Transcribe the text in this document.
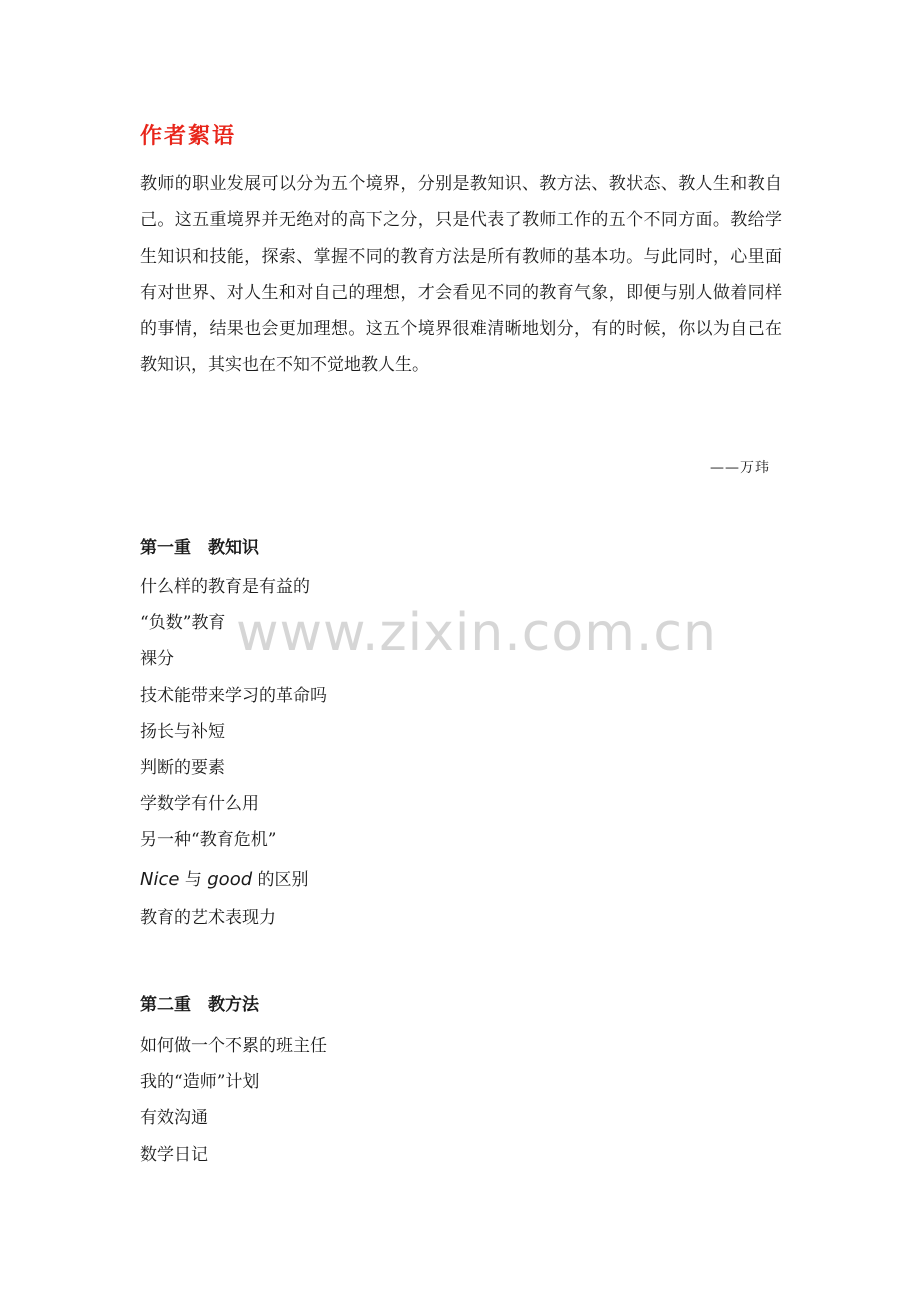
作者絮语

教师的职业发展可以分为五个境界，分别是教知识、教方法、教状态、教人生和教自己。这五重境界并无绝对的高下之分，只是代表了教师工作的五个不同方面。教给学生知识和技能，探索、掌握不同的教育方法是所有教师的基本功。与此同时，心里面有对世界、对人生和对自己的理想，才会看见不同的教育气象，即便与别人做着同样的事情，结果也会更加理想。这五个境界很难清晰地划分，有的时候，你以为自己在教知识，其实也在不知不觉地教人生。

——万玮
第一重　教知识
什么样的教育是有益的
“负数”教育
裸分
技术能带来学习的革命吗
扬长与补短
判断的要素
学数学有什么用
另一种“教育危机”
Nice 与 good 的区别
教育的艺术表现力
第二重　教方法
如何做一个不累的班主任
我的“造师”计划
有效沟通
数学日记
www.zixin.com.cn
